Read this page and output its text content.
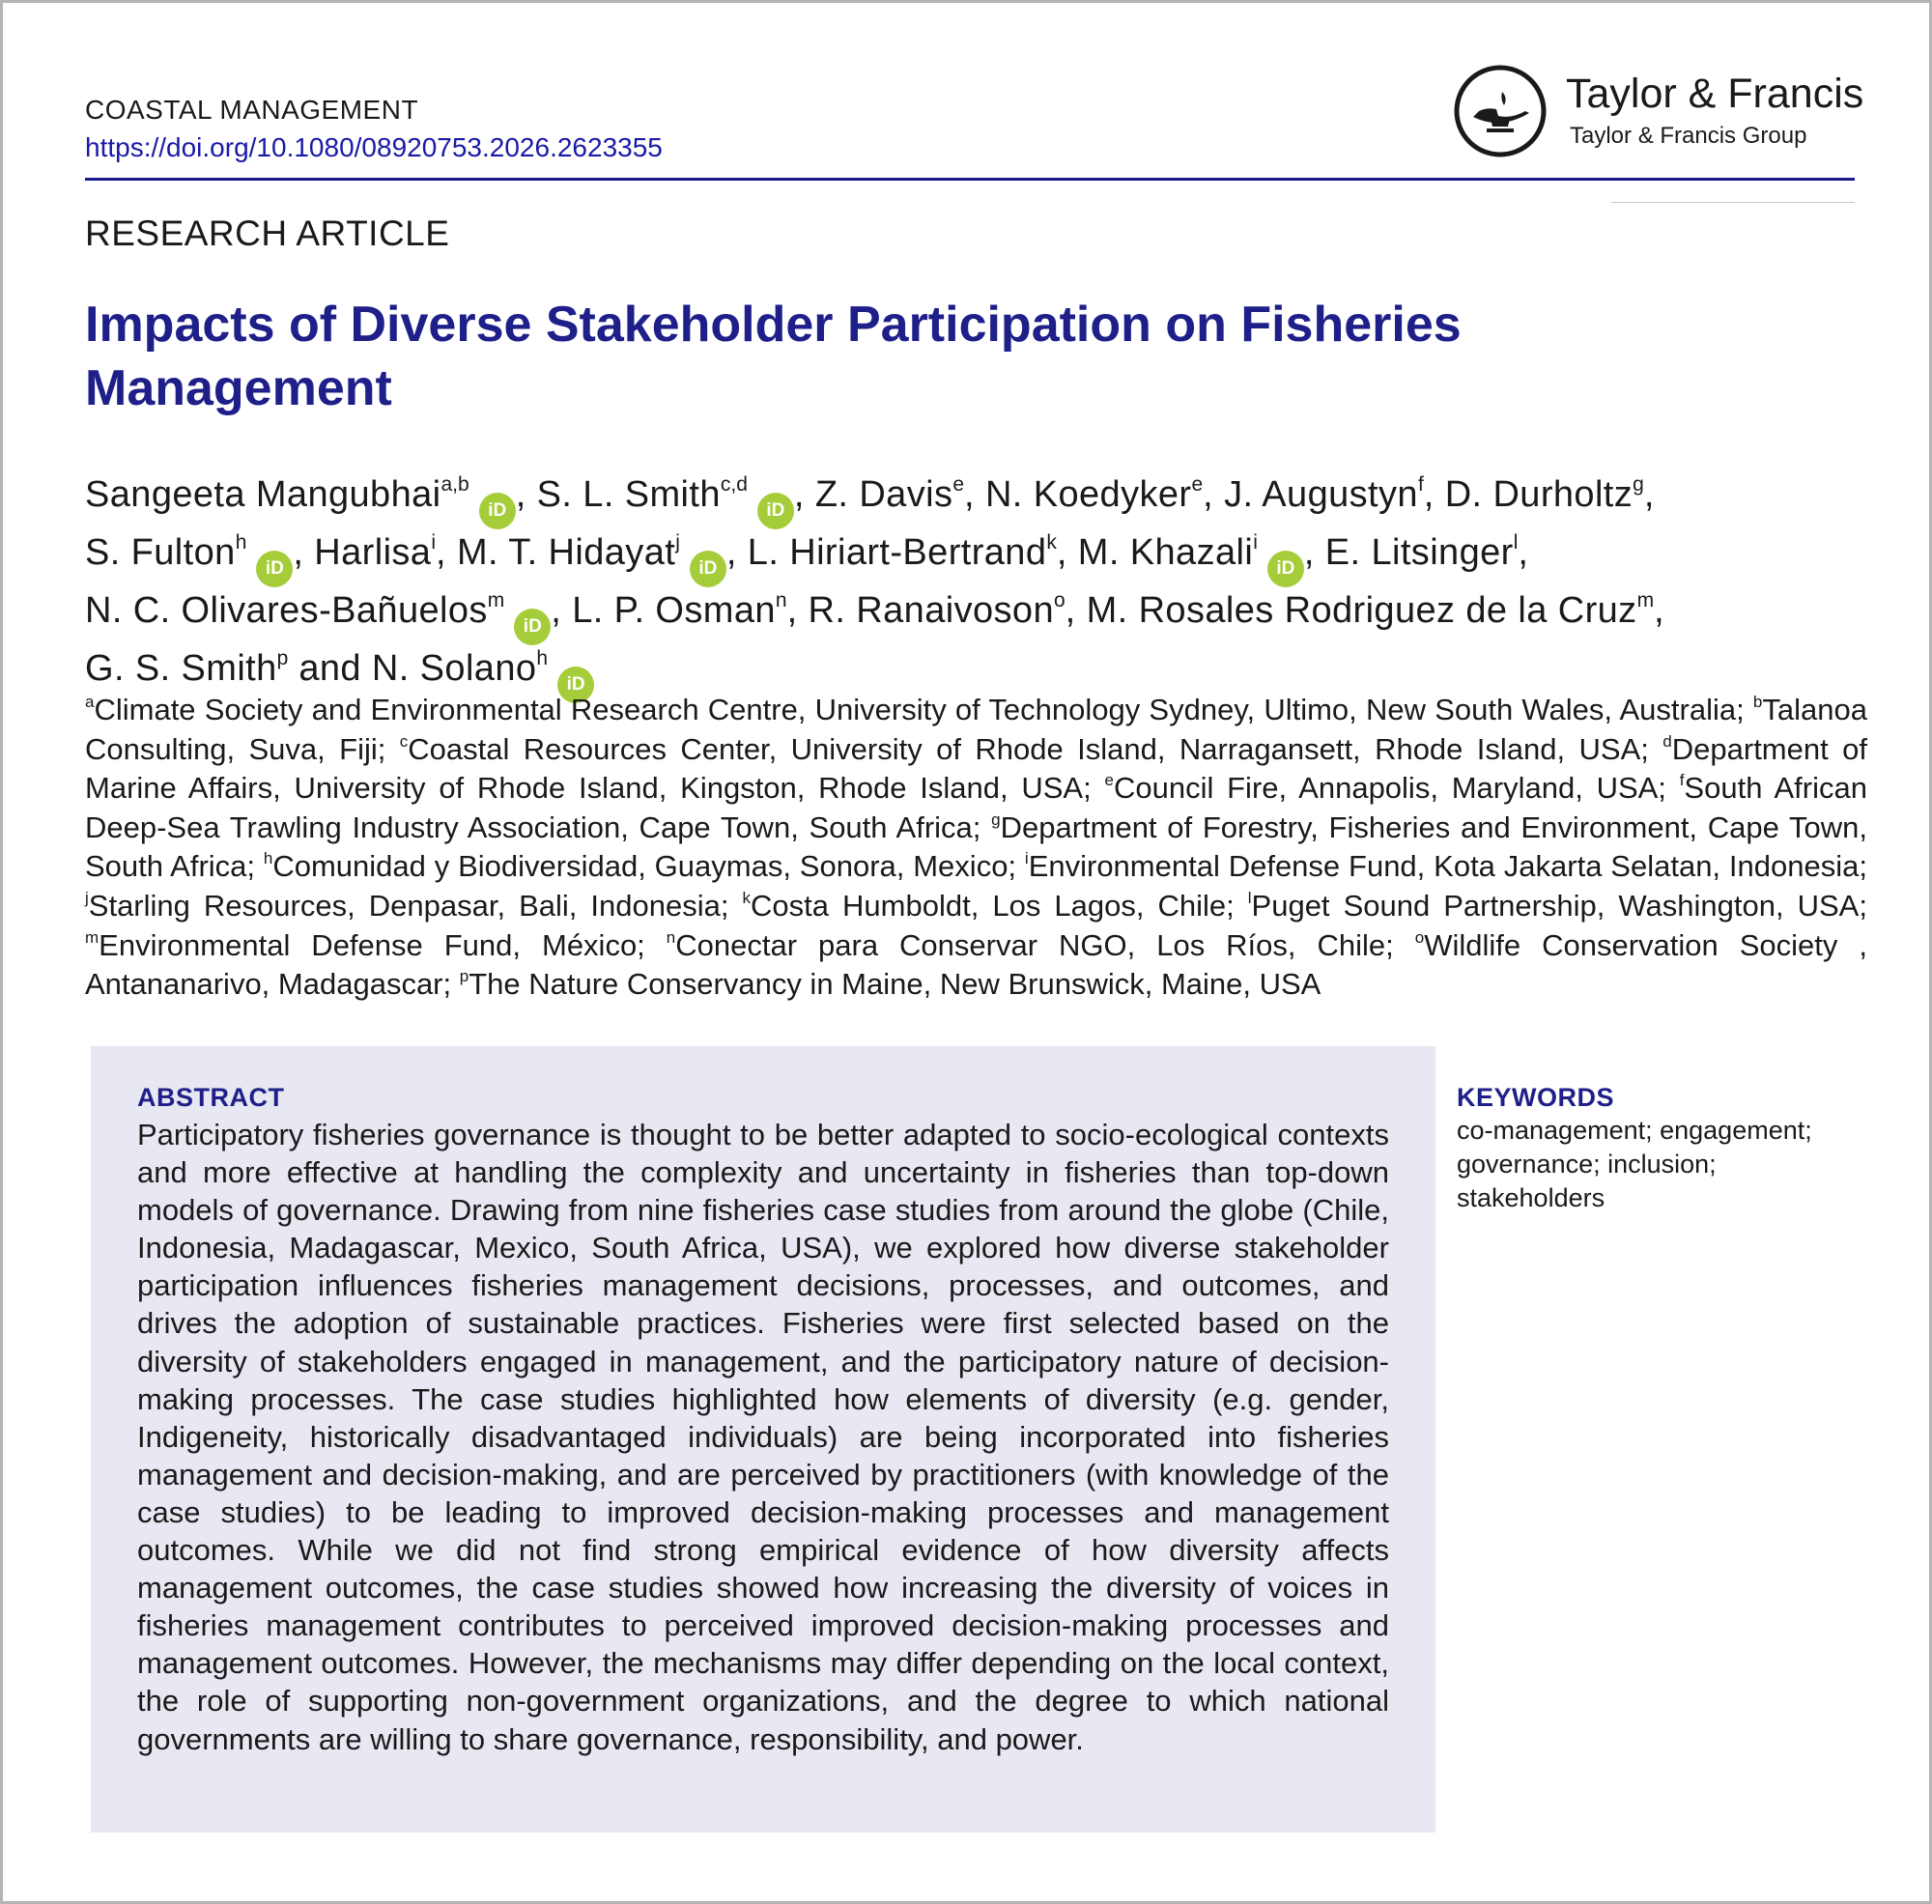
COASTAL MANAGEMENT
https://doi.org/10.1080/08920753.2026.2623355
Taylor & Francis
Taylor & Francis Group
RESEARCH ARTICLE
Impacts of Diverse Stakeholder Participation on Fisheries Management
Sangeeta Mangubhai$^{a,b}$iD , S. L. Smith$^{c,d}$iD , Z. Davis$^e$, N. Koedyker$^e$, J. Augustyn$^f$, D. Durholtz$^g$, S. Fulton$^h$iD , Harlisa$^i$, M. T. Hidayat$^j$iD , L. Hiriart-Bertrand$^k$, M. Khazali$^i$iD , E. Litsinger$^l$, N. C. Olivares-Bañuelos$^m$iD , L. P. Osman$^n$, R. Ranaivoson$^o$, M. Rosales Rodriguez de la Cruz$^m$, G. S. Smith$^p$ and N. Solano$^h$iD
$^a$Climate Society and Environmental Research Centre, University of Technology Sydney, Ultimo, New South Wales, Australia; $^b$Talanoa Consulting, Suva, Fiji; $^c$Coastal Resources Center, University of Rhode Island, Narragansett, Rhode Island, USA; $^d$Department of Marine Affairs, University of Rhode Island, Kingston, Rhode Island, USA; $^e$Council Fire, Annapolis, Maryland, USA; $^f$South African Deep-Sea Trawling Industry Association, Cape Town, South Africa; $^g$Department of Forestry, Fisheries and Environment, Cape Town, South Africa; $^h$Comunidad y Biodiversidad, Guaymas, Sonora, Mexico; $^i$Environmental Defense Fund, Kota Jakarta Selatan, Indonesia; $^j$Starling Resources, Denpasar, Bali, Indonesia; $^k$Costa Humboldt, Los Lagos, Chile; $^l$Puget Sound Partnership, Washington, USA; $^m$Environmental Defense Fund, México; $^n$Conectar para Conservar NGO, Los Ríos, Chile; $^o$Wildlife Conservation Society , Antananarivo, Madagascar; $^p$The Nature Conservancy in Maine, New Brunswick, Maine, USA
ABSTRACT
Participatory fisheries governance is thought to be better adapted to socio-ecological contexts and more effective at handling the complexity and uncertainty in fisheries than top-down models of governance. Drawing from nine fisheries case studies from around the globe (Chile, Indonesia, Madagascar, Mexico, South Africa, USA), we explored how diverse stakeholder participation influences fisheries management decisions, processes, and outcomes, and drives the adoption of sustainable practices. Fisheries were first selected based on the diversity of stakeholders engaged in management, and the participatory nature of decision-making processes. The case studies highlighted how elements of diversity (e.g. gender, Indigeneity, historically disadvantaged individuals) are being incorporated into fisheries management and decision-making, and are perceived by practitioners (with knowledge of the case studies) to be leading to improved decision-making processes and management outcomes. While we did not find strong empirical evidence of how diversity affects management outcomes, the case studies showed how increasing the diversity of voices in fisheries management contributes to perceived improved decision-making processes and management outcomes. However, the mechanisms may differ depending on the local context, the role of supporting non-government organizations, and the degree to which national governments are willing to share governance, responsibility, and power.
KEYWORDS
co-management; engagement; governance; inclusion; stakeholders
